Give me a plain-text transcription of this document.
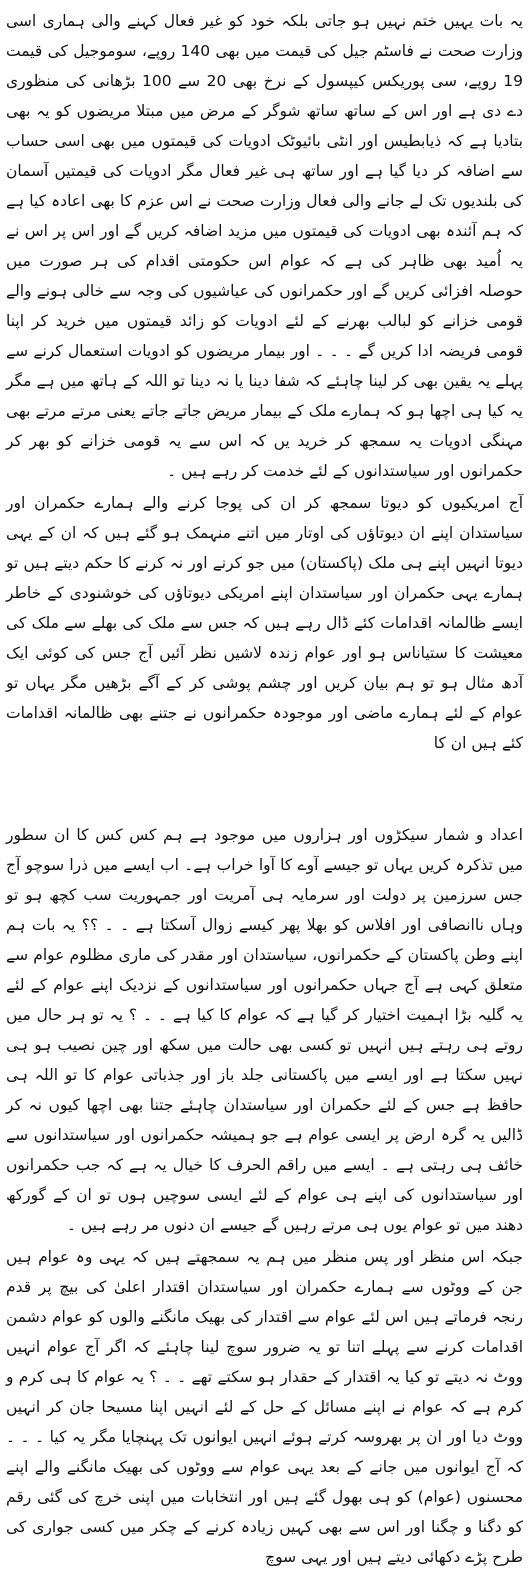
یہ بات یہیں ختم نہیں ہو جاتی بلکہ خود کو غیر فعال کہنے والی ہماری اسی وزارت صحت نے فاسٹم جیل کی قیمت میں بھی 140 روپے، سوموجیل کی قیمت 19 روپے، سی پوریکس کیپسول کے نرخ بھی 20 سے 100 بڑھانی کی منظوری دے دی ہے اور اس کے ساتھ ساتھ شوگر کے مرض میں مبتلا مریضوں کو یہ بھی بتادیا ہے کہ ذیابطیس اور انٹی بائیوٹک ادویات کی قیمتوں میں بھی اسی حساب سے اضافہ کر دیا گیا ہے اور ساتھ ہی غیر فعال مگر ادویات کی قیمتیں آسمان کی بلندیوں تک لے جانے والی فعال وزارت صحت نے اس عزم کا بھی اعادہ کیا ہے کہ ہم آئندہ بھی ادویات کی قیمتوں میں مزید اضافہ کریں گے اور اس پر اس نے یہ اُمید بھی ظاہر کی ہے کہ عوام اس حکومتی اقدام کی ہر صورت میں حوصلہ افزائی کریں گے اور حکمرانوں کی عیاشیوں کی وجہ سے خالی ہونے والے قومی خزانے کو لبالب بھرنے کے لئے ادویات کو زائد قیمتوں میں خرید کر اپنا قومی فریضہ ادا کریں گے ۔ ۔ ۔ اور بیمار مریضوں کو ادویات استعمال کرنے سے پہلے یہ یقین بھی کر لینا چاہئے کہ شفا دینا یا نہ دینا تو اللہ کے ہاتھ میں ہے مگر یہ کیا ہی اچھا ہو کہ ہمارے ملک کے بیمار مریض جاتے جاتے یعنی مرتے مرتے بھی مہنگی ادویات یہ سمجھ کر خرید یں کہ اس سے یہ قومی خزانے کو بھر کر حکمرانوں اور سیاستدانوں کے لئے خدمت کر رہے ہیں ۔

آج امریکیوں کو دیوتا سمجھ کر ان کی پوجا کرنے والے ہمارے حکمران اور سیاستدان اپنے ان دیوتاؤں کی اوتار میں اتنے منہمک ہو گئے ہیں کہ ان کے یہی دیوتا انہیں اپنے ہی ملک (پاکستان) میں جو کرنے اور نہ کرنے کا حکم دیتے ہیں تو ہمارے یہی حکمران اور سیاستدان اپنے امریکی دیوتاؤں کی خوشنودی کے خاطر ایسے ظالمانہ اقدامات کئے ڈال رہے ہیں کہ جس سے ملک کی بھلے سے ملک کی معیشت کا ستیاناس ہو اور عوام زندہ لاشیں نظر آئیں آج جس کی کوئی ایک آدھ مثال ہو تو ہم بیان کریں اور چشم پوشی کر کے آگے بڑھیں مگر یہاں تو عوام کے لئے ہمارے ماضی اور موجودہ حکمرانوں نے جتنے بھی ظالمانہ اقدامات کئے ہیں ان کا

اعداد و شمار سیکڑوں اور ہزاروں میں موجود ہے ہم کس کس کا ان سطور میں تذکرہ کریں یہاں تو جیسے آوے کا آوا خراب ہے۔ اب ایسے میں ذرا سوچو آج جس سرزمین پر دولت اور سرمایہ ہی آمریت اور جمہوریت سب کچھ ہو تو وہاں ناانصافی اور افلاس کو بھلا پھر کیسے زوال آسکتا ہے ۔ ۔ ؟؟ یہ بات ہم اپنے وطن پاکستان کے حکمرانوں، سیاستدان اور مقدر کی ماری مظلوم عوام سے متعلق کہی ہے آج جہاں حکمرانوں اور سیاستدانوں کے نزدیک اپنے عوام کے لئے یہ گلیہ بڑا اہمیت اختیار کر گیا ہے کہ عوام کا کیا ہے ۔ ۔ ؟ یہ تو ہر حال میں روتے ہی رہتے ہیں انہیں تو کسی بھی حالت میں سکھ اور چین نصیب ہو ہی نہیں سکتا ہے اور ایسے میں پاکستانی جلد باز اور جذباتی عوام کا تو اللہ ہی حافظ ہے جس کے لئے حکمران اور سیاستدان چاہئے جتنا بھی اچھا کیوں نہ کر ڈالیں یہ گرہ ارض پر ایسی عوام ہے جو ہمیشہ حکمرانوں اور سیاستدانوں سے خائف ہی رہتی ہے ۔ ایسے میں راقم الحرف کا خیال یہ ہے کہ جب حکمرانوں اور سیاستدانوں کی اپنے ہی عوام کے لئے ایسی سوچیں ہوں تو ان کے گورکھ دھند میں تو عوام یوں ہی مرتے رہیں گے جیسے ان دنوں مر رہے ہیں ۔

جبکہ اس منظر اور پس منظر میں ہم یہ سمجھتے ہیں کہ یہی وہ عوام ہیں جن کے ووٹوں سے ہمارے حکمران اور سیاستدان اقتدار اعلیٰ کی بیچ پر قدم رنجہ فرماتے ہیں اس لئے عوام سے اقتدار کی بھیک مانگنے والوں کو عوام دشمن اقدامات کرنے سے پہلے اتنا تو یہ ضرور سوچ لینا چاہئے کہ اگر آج عوام انہیں ووٹ نہ دیتے تو کیا یہ اقتدار کے حقدار ہو سکتے تھے ۔ ۔ ؟ یہ عوام کا ہی کرم و کرم ہے کہ عوام نے اپنے مسائل کے حل کے لئے انہیں اپنا مسیحا جان کر انہیں ووٹ دیا اور ان پر بھروسہ کرتے ہوئے انہیں ایوانوں تک پہنچایا مگر یہ کیا ۔ ۔ ۔ کہ آج ایوانوں میں جانے کے بعد یہی عوام سے ووٹوں کی بھیک مانگنے والے اپنے محسنوں (عوام) کو ہی بھول گئے ہیں اور انتخابات میں اپنی خرچ کی گئی رقم کو دگنا و چگنا اور اس سے بھی کہیں زیادہ کرنے کے چکر میں کسی جواری کی طرح پڑے دکھائی دیتے ہیں اور یہی سوچ
